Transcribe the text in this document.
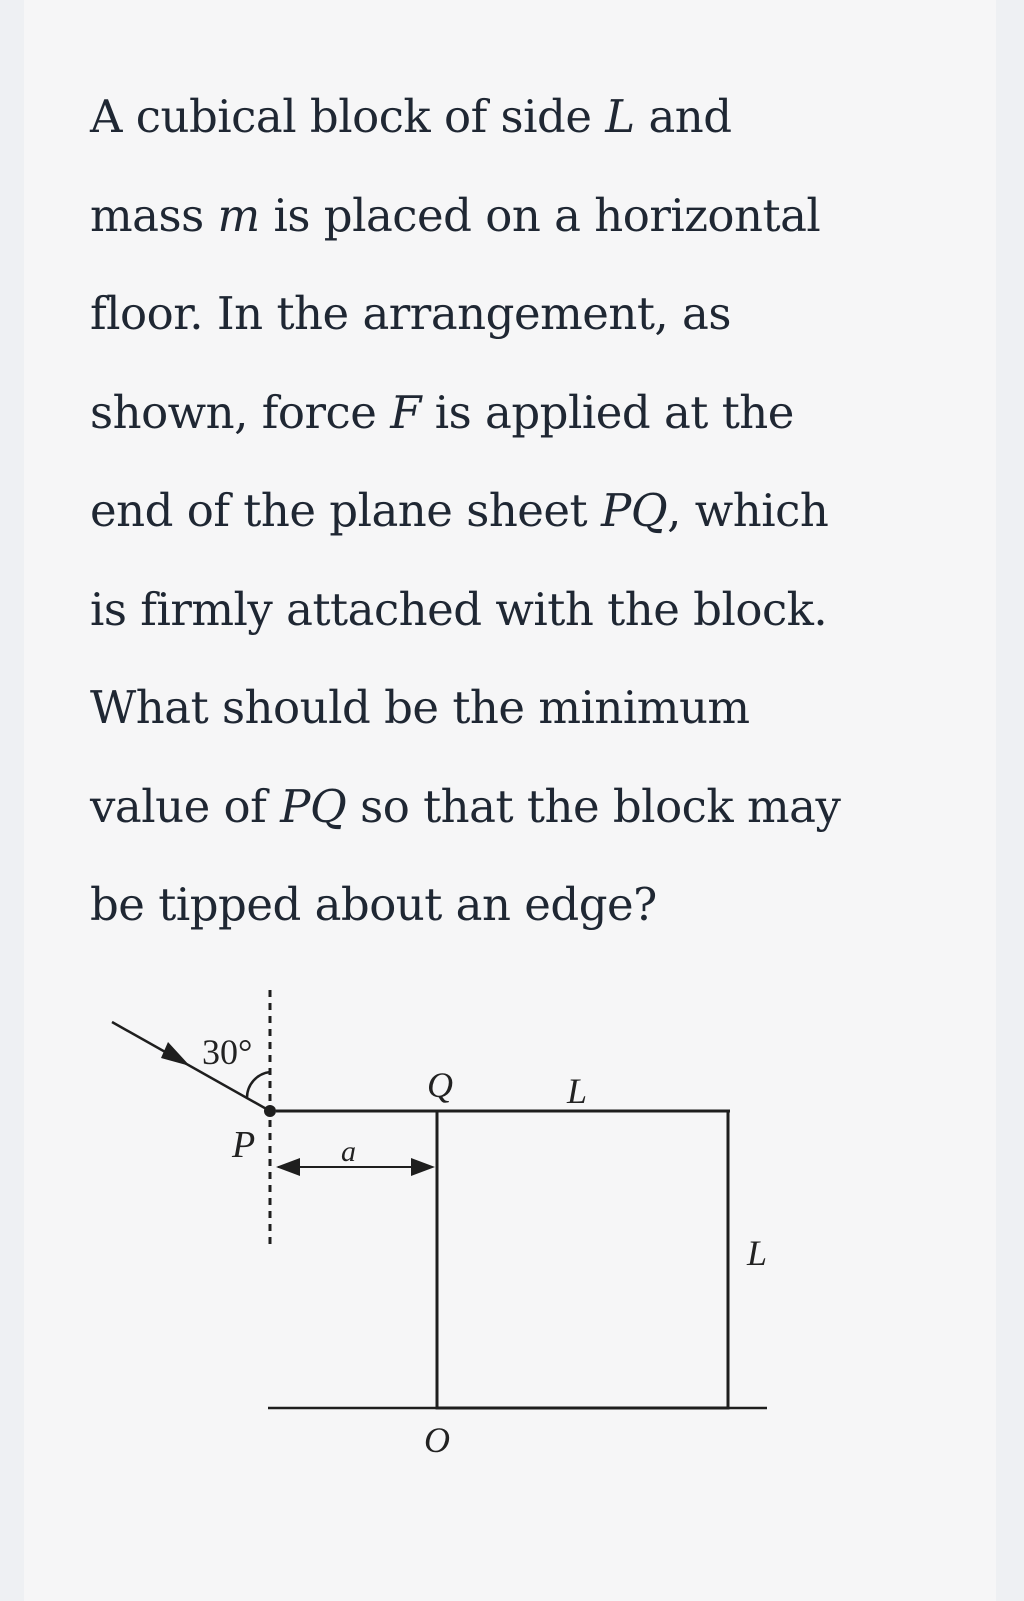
A cubical block of side L and
mass m is placed on a horizontal
floor. In the arrangement, as
shown, force F is applied at the
end of the plane sheet PQ, which
is firmly attached with the block.
What should be the minimum
value of PQ so that the block may
be tipped about an edge?
30°
P	a
Q	L
L
O
